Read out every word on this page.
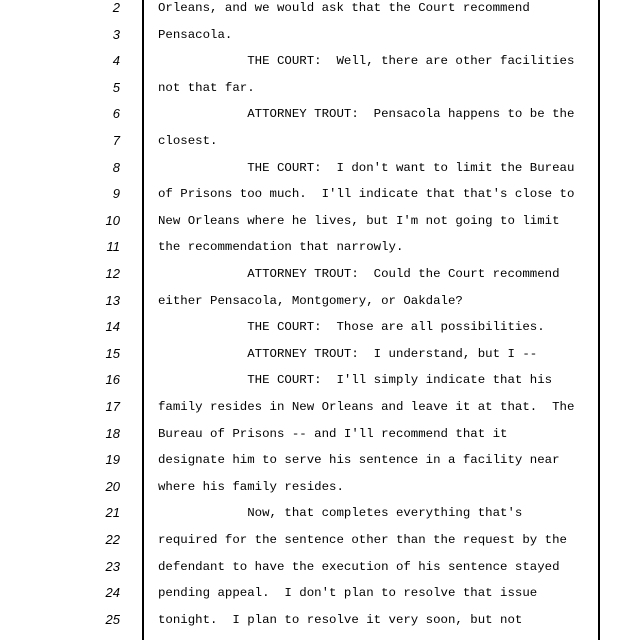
2	Orleans, and we would ask that the Court recommend
3	Pensacola.
4	THE COURT:  Well, there are other facilities
5	not that far.
6	ATTORNEY TROUT:  Pensacola happens to be the
7	closest.
8	THE COURT:  I don't want to limit the Bureau
9	of Prisons too much.  I'll indicate that that's close to
10	New Orleans where he lives, but I'm not going to limit
11	the recommendation that narrowly.
12	ATTORNEY TROUT:  Could the Court recommend
13	either Pensacola, Montgomery, or Oakdale?
14	THE COURT:  Those are all possibilities.
15	ATTORNEY TROUT:  I understand, but I --
16	THE COURT:  I'll simply indicate that his
17	family resides in New Orleans and leave it at that.  The
18	Bureau of Prisons -- and I'll recommend that it
19	designate him to serve his sentence in a facility near
20	where his family resides.
21	Now, that completes everything that's
22	required for the sentence other than the request by the
23	defendant to have the execution of his sentence stayed
24	pending appeal.  I don't plan to resolve that issue
25	tonight.  I plan to resolve it very soon, but not
